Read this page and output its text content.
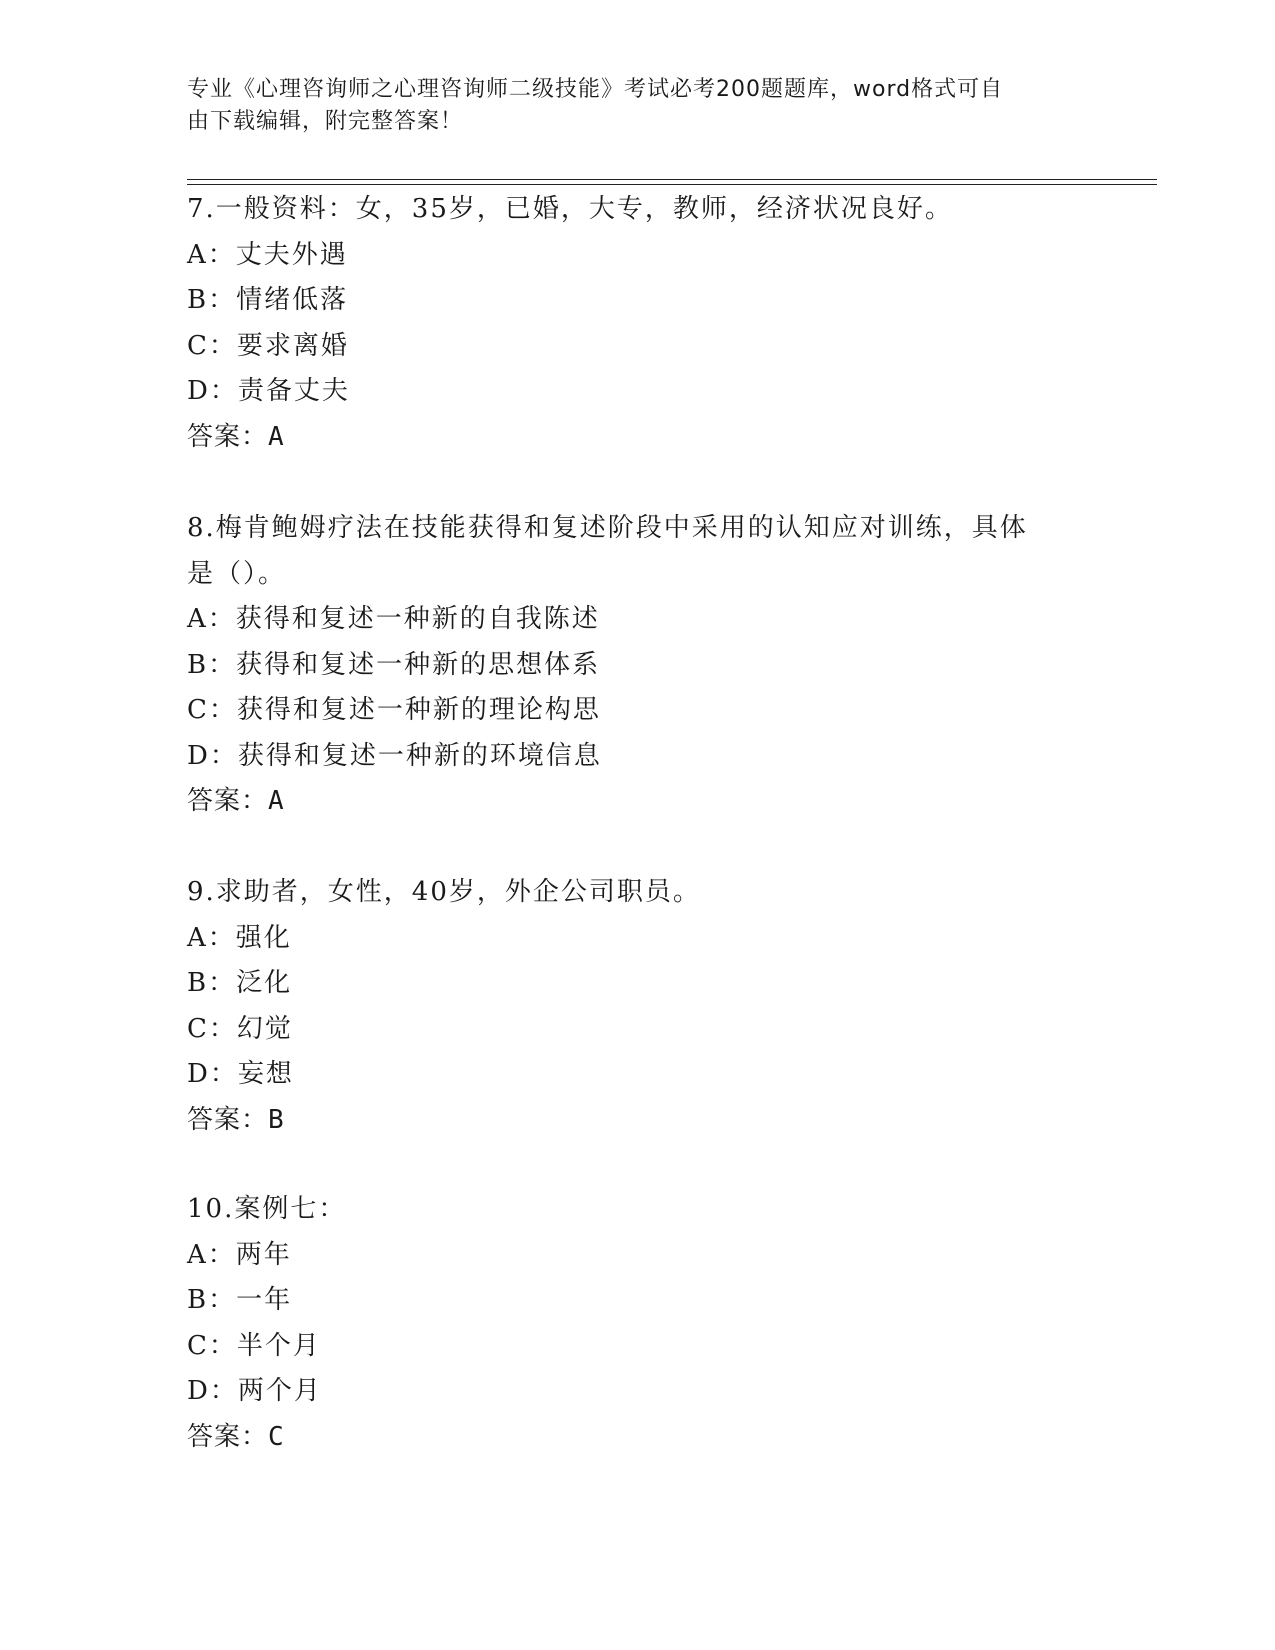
专业《心理咨询师之心理咨询师二级技能》考试必考200题题库，word格式可自
由下载编辑，附完整答案！
7.一般资料：女，35岁，已婚，大专，教师，经济状况良好。
A：丈夫外遇
B：情绪低落
C：要求离婚
D：责备丈夫
答案：A
8.梅肯鲍姆疗法在技能获得和复述阶段中采用的认知应对训练，具体
是（）。
A：获得和复述一种新的自我陈述
B：获得和复述一种新的思想体系
C：获得和复述一种新的理论构思
D：获得和复述一种新的环境信息
答案：A
9.求助者，女性，40岁，外企公司职员。
A：强化
B：泛化
C：幻觉
D：妄想
答案：B
10.案例七：
A：两年
B：一年
C：半个月
D：两个月
答案：C
